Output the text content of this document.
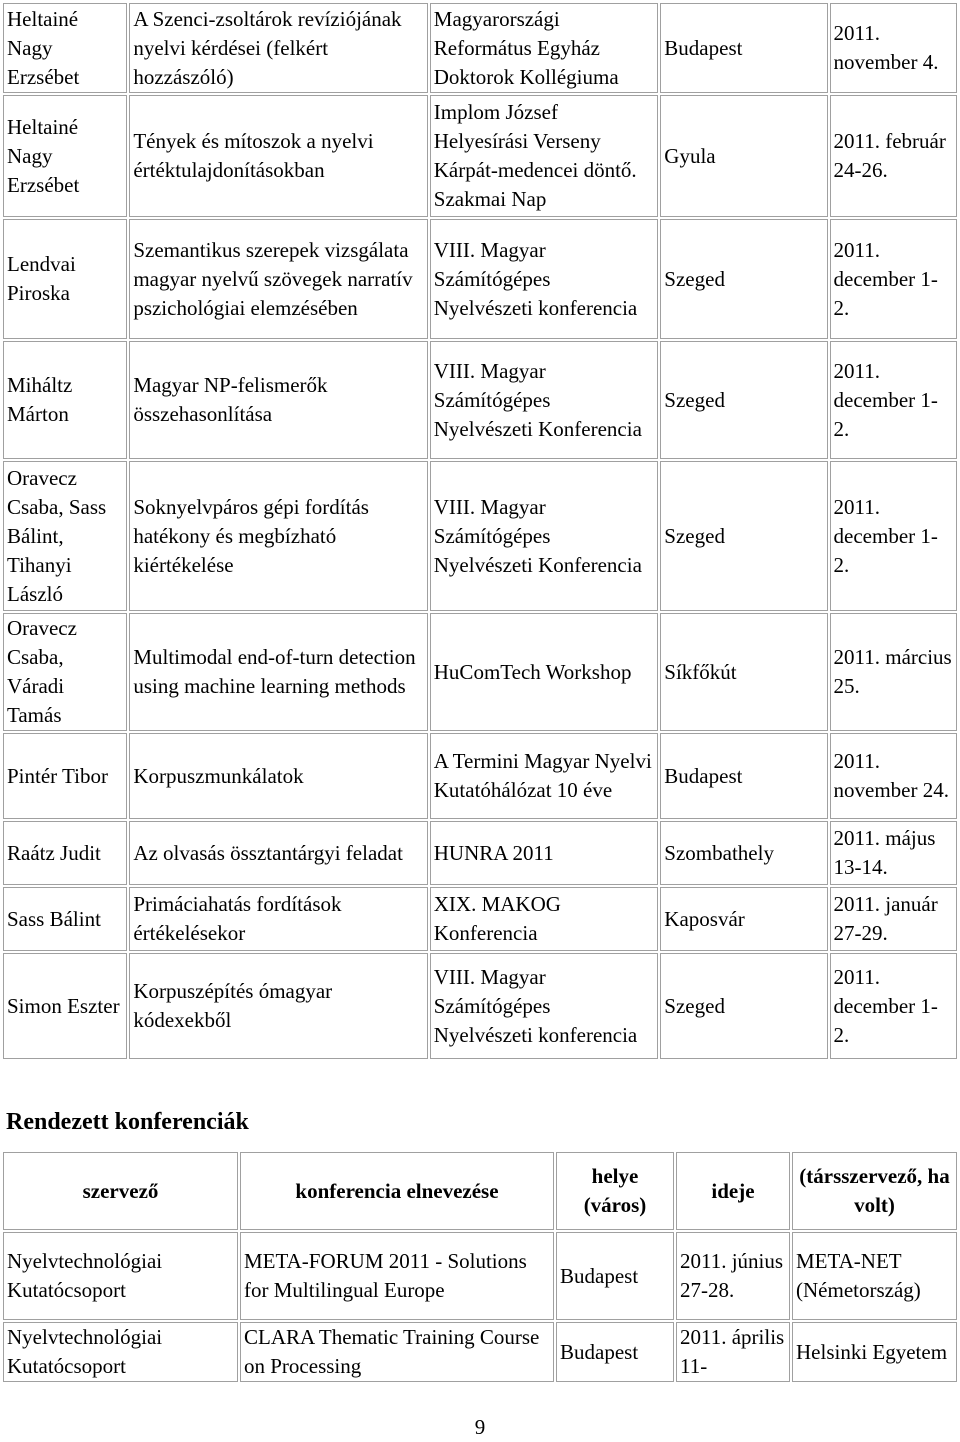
Heltainé Nagy Erzsébet	A Szenci-zsoltárok revíziójának nyelvi kérdései (felkért hozzászóló)	Magyarországi Református Egyház Doktorok Kollégiuma	Budapest	2011. november 4.
Heltainé Nagy Erzsébet	Tények és mítoszok a nyelvi értéktulajdonításokban	Implom József Helyesírási Verseny Kárpát-medencei döntő. Szakmai Nap	Gyula	2011. február 24-26.
Lendvai Piroska	Szemantikus szerepek vizsgálata magyar nyelvű szövegek narratív pszichológiai elemzésében	VIII. Magyar Számítógépes Nyelvészeti konferencia	Szeged	2011. december 1-2.
Miháltz Márton	Magyar NP-felismerők összehasonlítása	VIII. Magyar Számítógépes Nyelvészeti Konferencia	Szeged	2011. december 1-2.
Oravecz Csaba, Sass Bálint, Tihanyi László	Soknyelvpáros gépi fordítás hatékony és megbízható kiértékelése	VIII. Magyar Számítógépes Nyelvészeti Konferencia	Szeged	2011. december 1-2.
Oravecz Csaba, Váradi Tamás	Multimodal end-of-turn detection using machine learning methods	HuComTech Workshop	Síkfőkút	2011. március 25.
Pintér Tibor	Korpuszmunkálatok	A Termini Magyar Nyelvi Kutatóhálózat 10 éve	Budapest	2011. november 24.
Raátz Judit	Az olvasás össztantárgyi feladat	HUNRA 2011	Szombathely	2011. május 13-14.
Sass Bálint	Primáciahatás fordítások értékelésekor	XIX. MAKOG Konferencia	Kaposvár	2011. január 27-29.
Simon Eszter	Korpuszépítés ómagyar kódexekből	VIII. Magyar Számítógépes Nyelvészeti konferencia	Szeged	2011. december 1-2.
Rendezett konferenciák
szervező	konferencia elnevezése	helye (város)	ideje	(társszervező, ha volt)
Nyelvtechnológiai Kutatócsoport	META-FORUM 2011 - Solutions for Multilingual Europe	Budapest	2011. június 27-28.	META-NET (Németország)
Nyelvtechnológiai Kutatócsoport	CLARA Thematic Training Course on Processing	Budapest	2011. április 11-	Helsinki Egyetem
9
